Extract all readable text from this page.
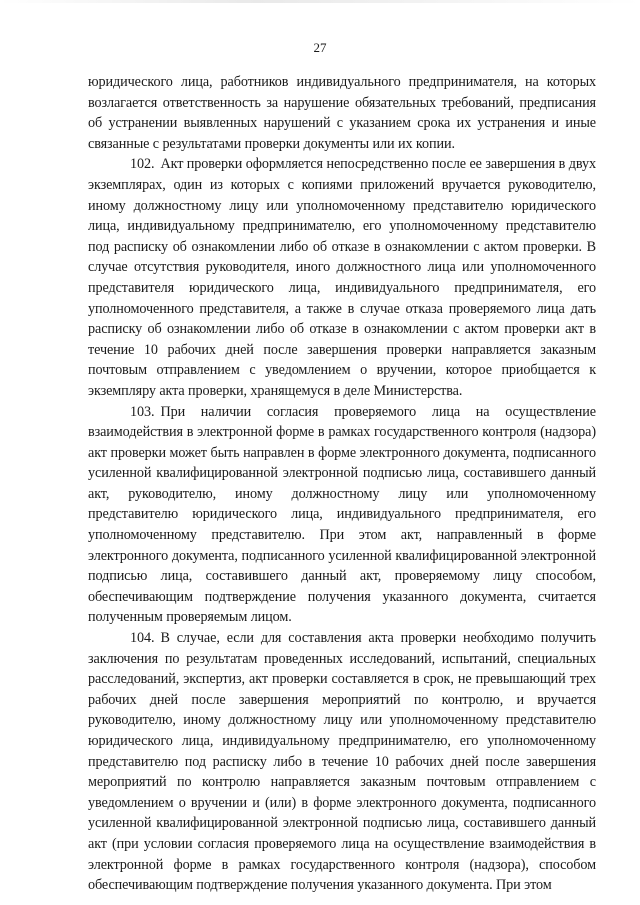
27

юридического лица, работников индивидуального предпринимателя, на которых возлагается ответственность за нарушение обязательных требований, предписания об устранении выявленных нарушений с указанием срока их устранения и иные связанные с результатами проверки документы или их копии.

102. Акт проверки оформляется непосредственно после ее завершения в двух экземплярах, один из которых с копиями приложений вручается руководителю, иному должностному лицу или уполномоченному представителю юридического лица, индивидуальному предпринимателю, его уполномоченному представителю под расписку об ознакомлении либо об отказе в ознакомлении с актом проверки. В случае отсутствия руководителя, иного должностного лица или уполномоченного представителя юридического лица, индивидуального предпринимателя, его уполномоченного представителя, а также в случае отказа проверяемого лица дать расписку об ознакомлении либо об отказе в ознакомлении с актом проверки акт в течение 10 рабочих дней после завершения проверки направляется заказным почтовым отправлением с уведомлением о вручении, которое приобщается к экземпляру акта проверки, хранящемуся в деле Министерства.

103. При наличии согласия проверяемого лица на осуществление взаимодействия в электронной форме в рамках государственного контроля (надзора) акт проверки может быть направлен в форме электронного документа, подписанного усиленной квалифицированной электронной подписью лица, составившего данный акт, руководителю, иному должностному лицу или уполномоченному представителю юридического лица, индивидуального предпринимателя, его уполномоченному представителю. При этом акт, направленный в форме электронного документа, подписанного усиленной квалифицированной электронной подписью лица, составившего данный акт, проверяемому лицу способом, обеспечивающим подтверждение получения указанного документа, считается полученным проверяемым лицом.

104. В случае, если для составления акта проверки необходимо получить заключения по результатам проведенных исследований, испытаний, специальных расследований, экспертиз, акт проверки составляется в срок, не превышающий трех рабочих дней после завершения мероприятий по контролю, и вручается руководителю, иному должностному лицу или уполномоченному представителю юридического лица, индивидуальному предпринимателю, его уполномоченному представителю под расписку либо в течение 10 рабочих дней после завершения мероприятий по контролю направляется заказным почтовым отправлением с уведомлением о вручении и (или) в форме электронного документа, подписанного усиленной квалифицированной электронной подписью лица, составившего данный акт (при условии согласия проверяемого лица на осуществление взаимодействия в электронной форме в рамках государственного контроля (надзора), способом обеспечивающим подтверждение получения указанного документа. При этом
